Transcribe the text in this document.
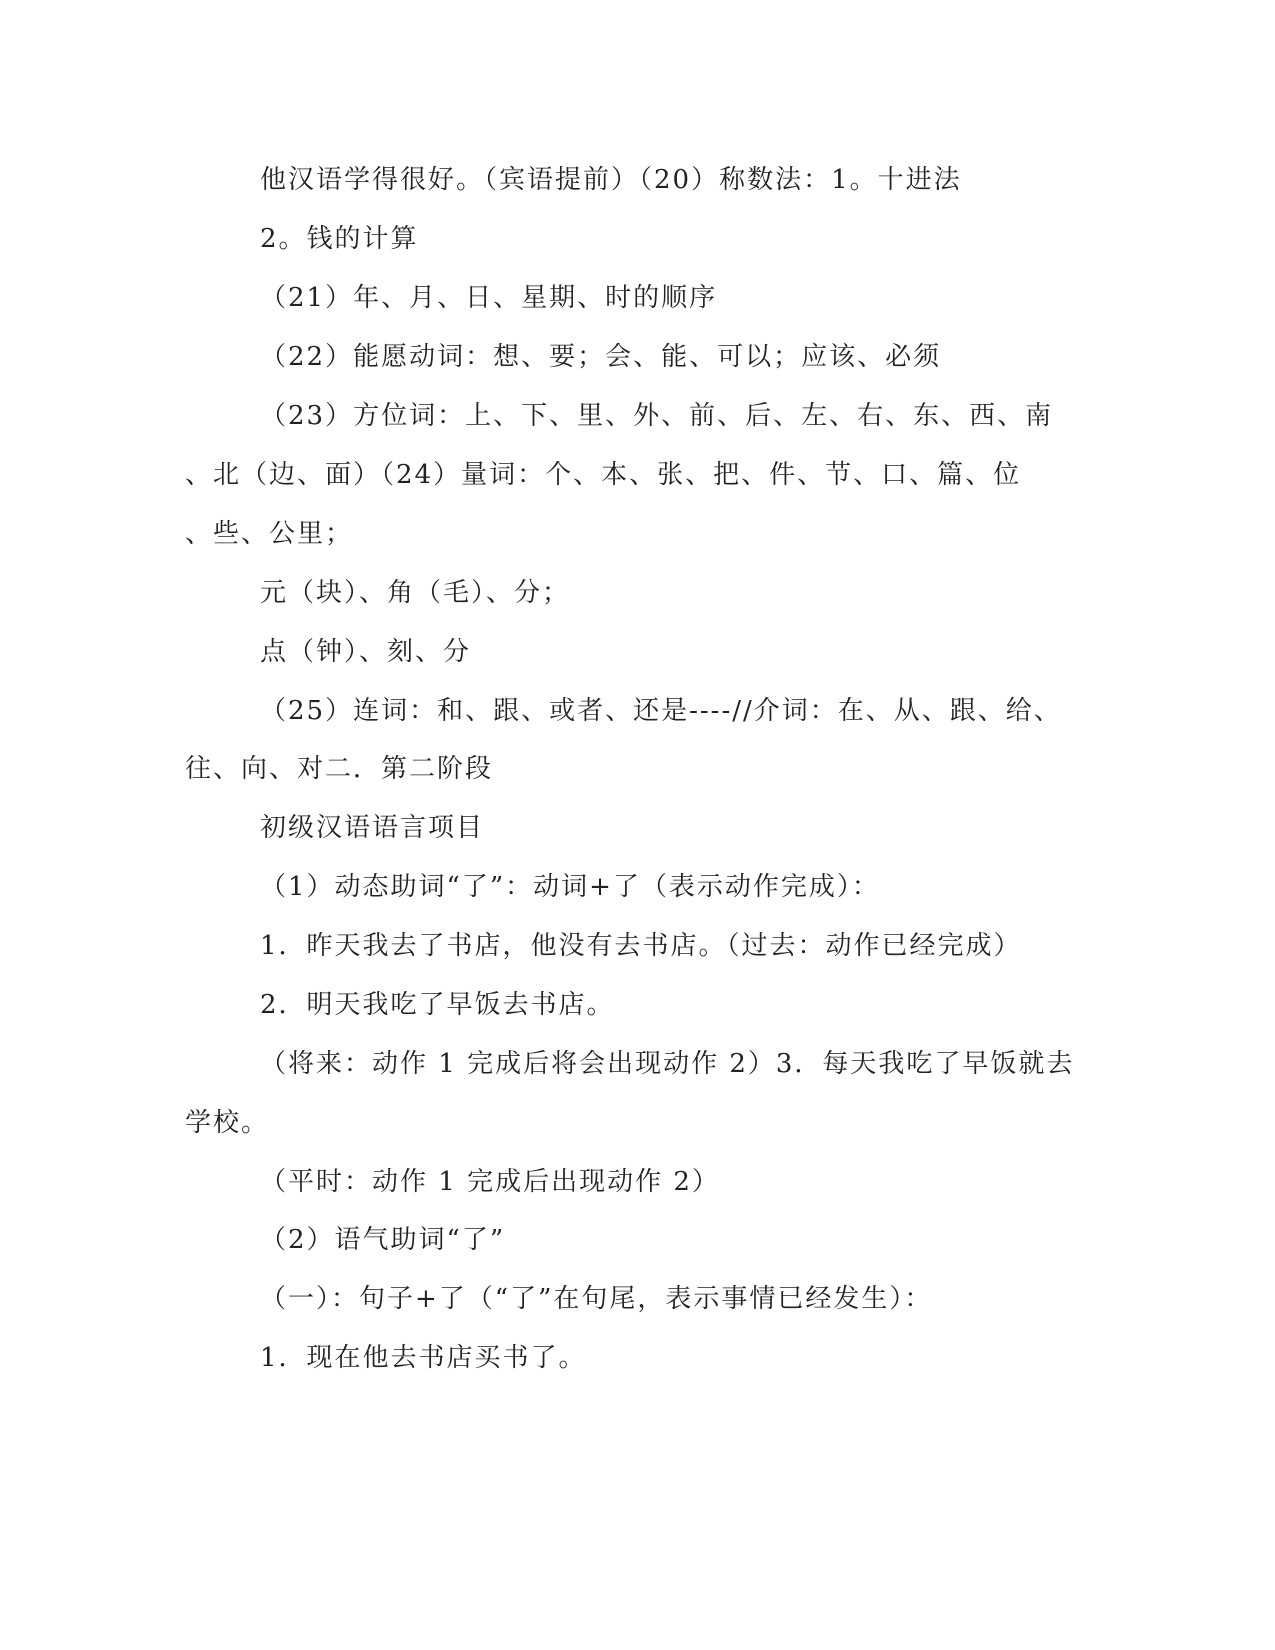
他汉语学得很好。（宾语提前）（20）称数法：1。十进法
2。钱的计算
（21）年、月、日、星期、时的顺序
（22）能愿动词：想、要；会、能、可以；应该、必须
（23）方位词：上、下、里、外、前、后、左、右、东、西、南
、北（边、面）（24）量词：个、本、张、把、件、节、口、篇、位
、些、公里；
元（块）、角（毛）、分；
点（钟）、刻、分
（25）连词：和、跟、或者、还是----//介词：在、从、跟、给、
往、向、对二．第二阶段
初级汉语语言项目
（1）动态助词“了”：动词+了（表示动作完成）：
1．昨天我去了书店，他没有去书店。（过去：动作已经完成）
2．明天我吃了早饭去书店。
（将来：动作 1 完成后将会出现动作 2）3．每天我吃了早饭就去
学校。
（平时：动作 1 完成后出现动作 2）
（2）语气助词“了”
（一）：句子+了（“了”在句尾，表示事情已经发生）：
1．现在他去书店买书了。
